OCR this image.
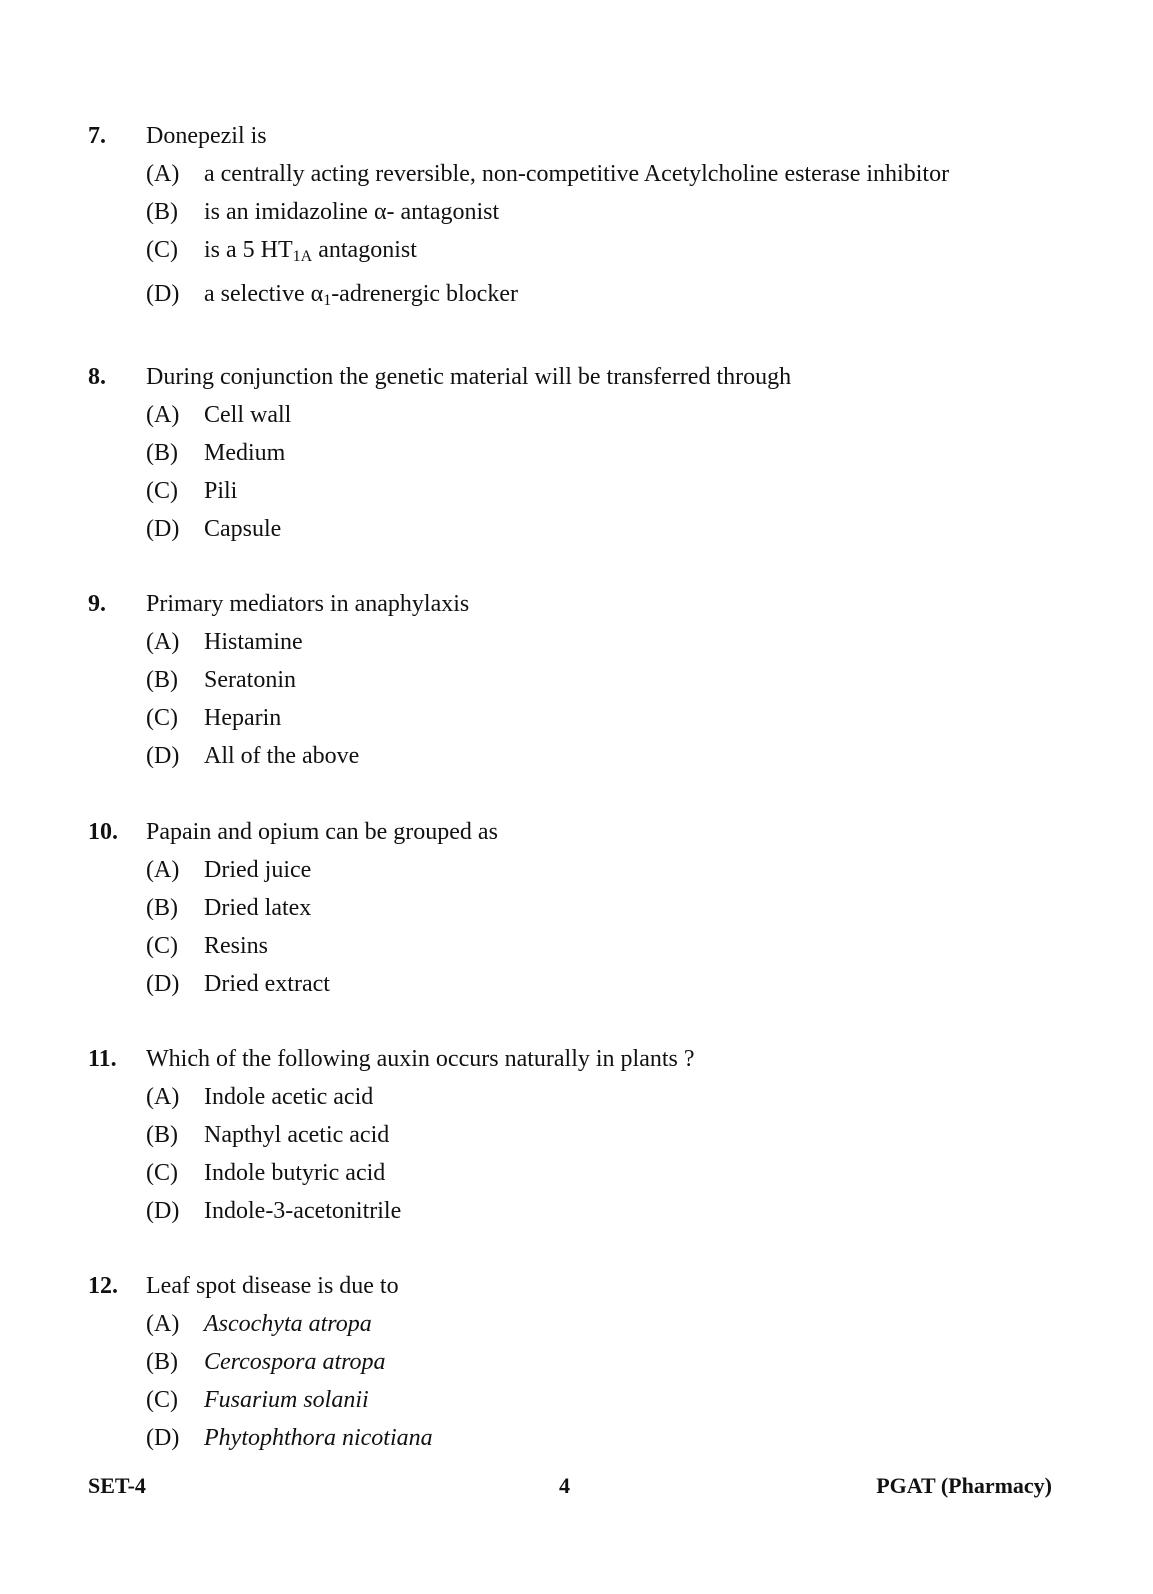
7. Donepezil is
(A) a centrally acting reversible, non-competitive Acetylcholine esterase inhibitor
(B) is an imidazoline α- antagonist
(C) is a 5 $HT_{1A}$ antagonist
(D) a selective $\alpha_1$-adrenergic blocker
8. During conjunction the genetic material will be transferred through
(A) Cell wall
(B) Medium
(C) Pili
(D) Capsule
9. Primary mediators in anaphylaxis
(A) Histamine
(B) Seratonin
(C) Heparin
(D) All of the above
10. Papain and opium can be grouped as
(A) Dried juice
(B) Dried latex
(C) Resins
(D) Dried extract
11. Which of the following auxin occurs naturally in plants ?
(A) Indole acetic acid
(B) Napthyl acetic acid
(C) Indole butyric acid
(D) Indole-3-acetonitrile
12. Leaf spot disease is due to
(A) Ascochyta atropa
(B) Cercospora atropa
(C) Fusarium solanii
(D) Phytophthora nicotiana
SET-4	4	PGAT (Pharmacy)
